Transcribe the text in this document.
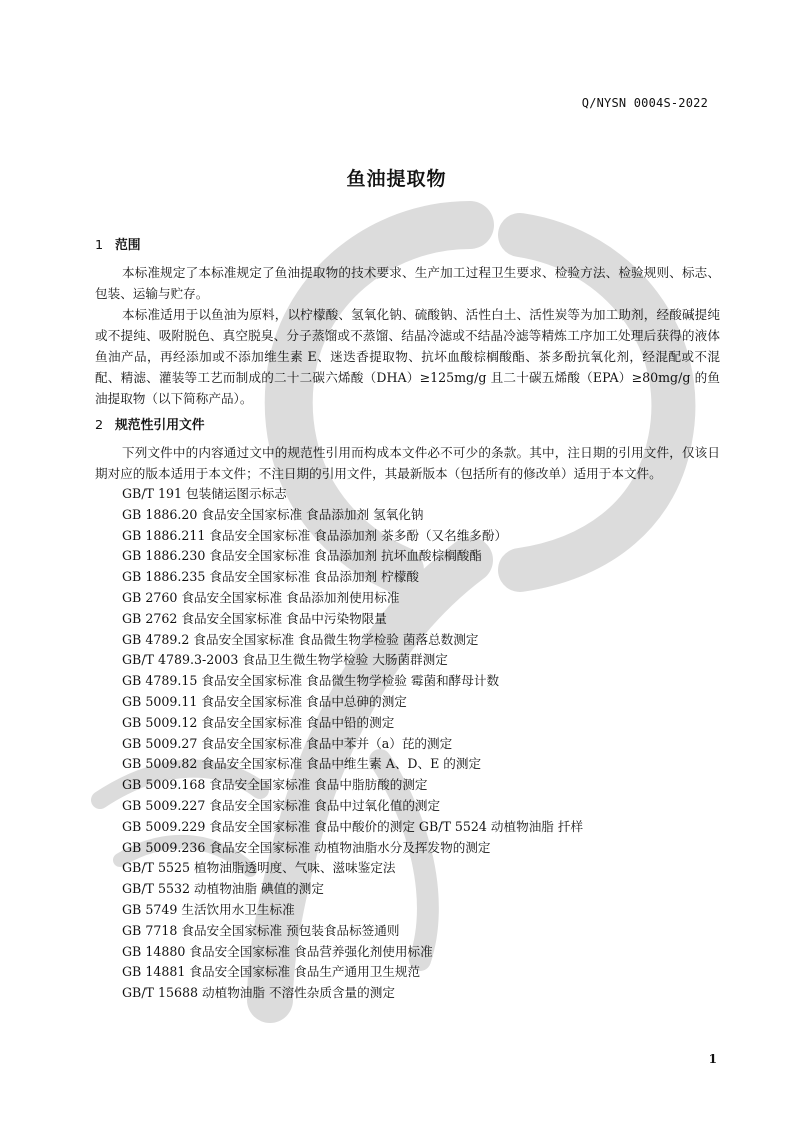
Q/NYSN 0004S-2022
鱼油提取物
1 范围

本标准规定了本标准规定了鱼油提取物的技术要求、生产加工过程卫生要求、检验方法、检验规则、标志、包装、运输与贮存。

本标准适用于以鱼油为原料，以柠檬酸、氢氧化钠、硫酸钠、活性白土、活性炭等为加工助剂，经酸碱提纯或不提纯、吸附脱色、真空脱臭、分子蒸馏或不蒸馏、结晶冷滤或不结晶冷滤等精炼工序加工处理后获得的液体鱼油产品，再经添加或不添加维生素 E、迷迭香提取物、抗坏血酸棕榈酸酯、茶多酚抗氧化剂，经混配或不混配、精滤、灌装等工艺而制成的二十二碳六烯酸（DHA）≥125mg/g 且二十碳五烯酸（EPA）≥80mg/g 的鱼油提取物（以下简称产品）。

2 规范性引用文件

下列文件中的内容通过文中的规范性引用而构成本文件必不可少的条款。其中，注日期的引用文件，仅该日期对应的版本适用于本文件；不注日期的引用文件，其最新版本（包括所有的修改单）适用于本文件。

GB/T 191 包装储运图示标志
GB 1886.20 食品安全国家标准 食品添加剂 氢氧化钠
GB 1886.211 食品安全国家标准 食品添加剂 茶多酚（又名维多酚）
GB 1886.230 食品安全国家标准 食品添加剂 抗坏血酸棕榈酸酯
GB 1886.235 食品安全国家标准 食品添加剂 柠檬酸
GB 2760 食品安全国家标准 食品添加剂使用标准
GB 2762 食品安全国家标准 食品中污染物限量
GB 4789.2 食品安全国家标准 食品微生物学检验 菌落总数测定
GB/T 4789.3-2003 食品卫生微生物学检验 大肠菌群测定
GB 4789.15 食品安全国家标准 食品微生物学检验 霉菌和酵母计数
GB 5009.11 食品安全国家标准 食品中总砷的测定
GB 5009.12 食品安全国家标准 食品中铅的测定
GB 5009.27 食品安全国家标准 食品中苯并（a）芘的测定
GB 5009.82 食品安全国家标准 食品中维生素 A、D、E 的测定
GB 5009.168 食品安全国家标准 食品中脂肪酸的测定
GB 5009.227 食品安全国家标准 食品中过氧化值的测定
GB 5009.229 食品安全国家标准 食品中酸价的测定 GB/T 5524 动植物油脂 扦样
GB 5009.236 食品安全国家标准 动植物油脂水分及挥发物的测定
GB/T 5525 植物油脂透明度、气味、滋味鉴定法
GB/T 5532 动植物油脂 碘值的测定
GB 5749 生活饮用水卫生标准
GB 7718 食品安全国家标准 预包装食品标签通则
GB 14880 食品安全国家标准 食品营养强化剂使用标准
GB 14881 食品安全国家标准 食品生产通用卫生规范
GB/T 15688 动植物油脂 不溶性杂质含量的测定
1
